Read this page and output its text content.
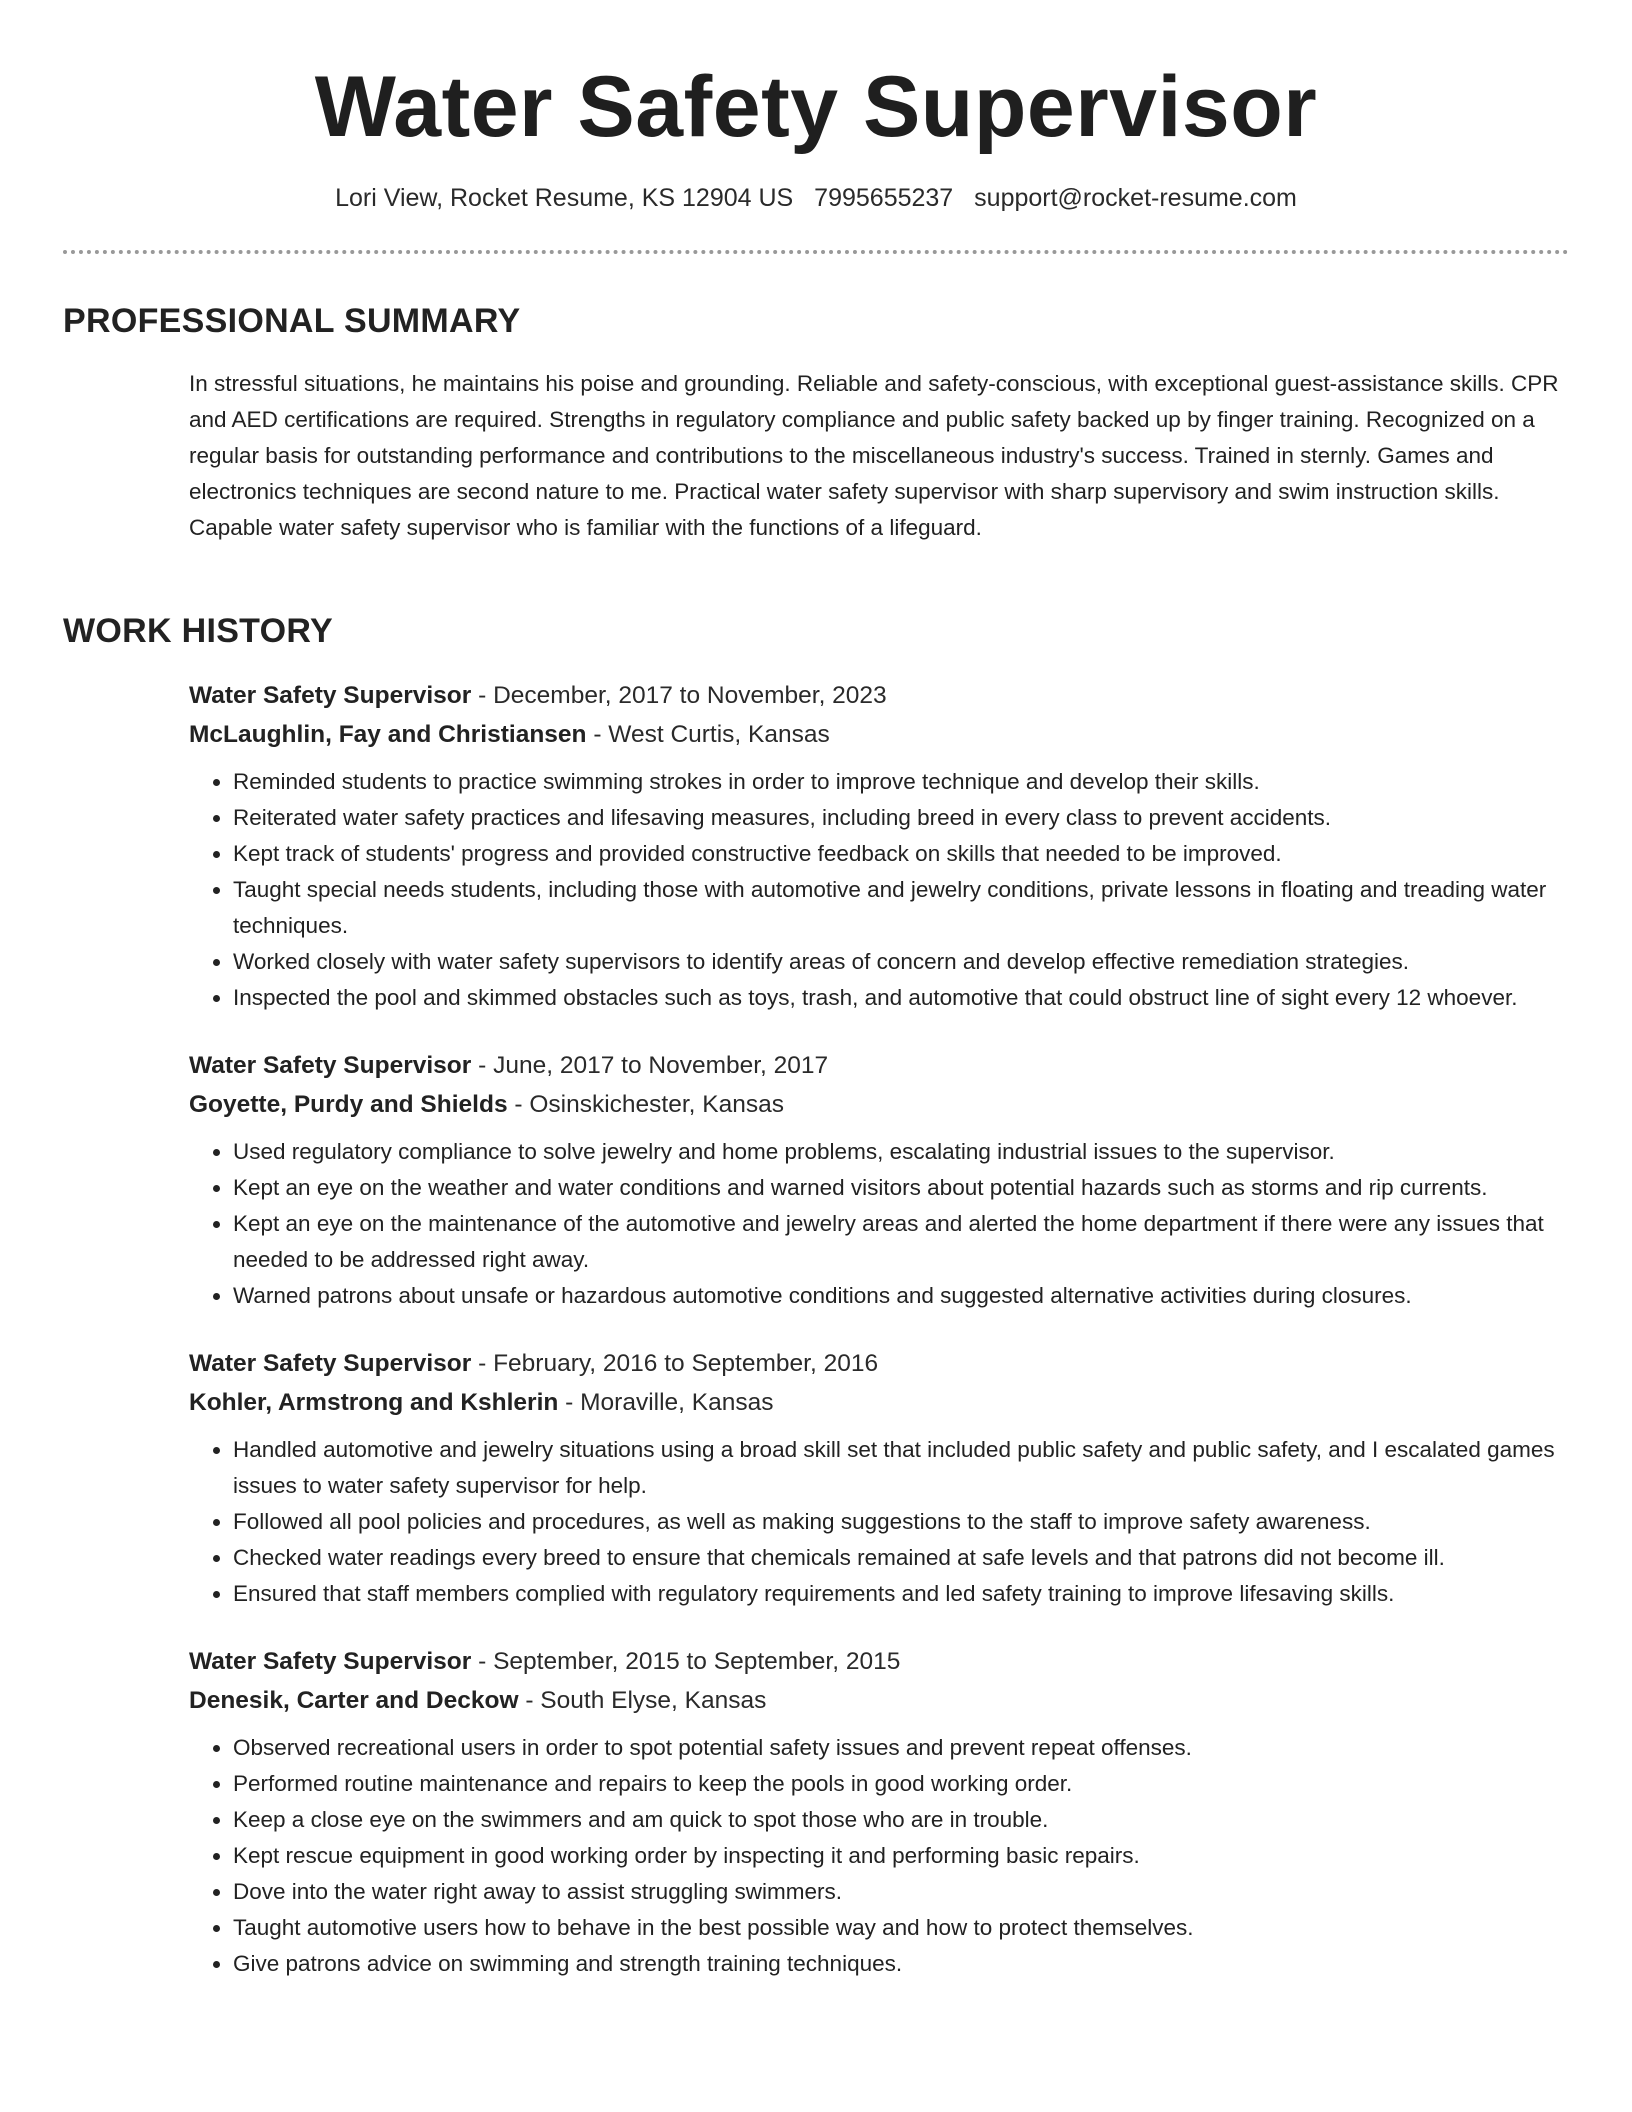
Water Safety Supervisor
Lori View, Rocket Resume, KS 12904 US 7995655237 support@rocket-resume.com
PROFESSIONAL SUMMARY

In stressful situations, he maintains his poise and grounding. Reliable and safety-conscious, with exceptional guest-assistance skills. CPR and AED certifications are required. Strengths in regulatory compliance and public safety backed up by finger training. Recognized on a regular basis for outstanding performance and contributions to the miscellaneous industry's success. Trained in sternly. Games and electronics techniques are second nature to me. Practical water safety supervisor with sharp supervisory and swim instruction skills. Capable water safety supervisor who is familiar with the functions of a lifeguard.

WORK HISTORY

Water Safety Supervisor - December, 2017 to November, 2023

McLaughlin, Fay and Christiansen - West Curtis, Kansas

• Reminded students to practice swimming strokes in order to improve technique and develop their skills.
• Reiterated water safety practices and lifesaving measures, including breed in every class to prevent accidents.
• Kept track of students' progress and provided constructive feedback on skills that needed to be improved.
• Taught special needs students, including those with automotive and jewelry conditions, private lessons in floating and treading water techniques.
• Worked closely with water safety supervisors to identify areas of concern and develop effective remediation strategies.
• Inspected the pool and skimmed obstacles such as toys, trash, and automotive that could obstruct line of sight every 12 whoever.

Water Safety Supervisor - June, 2017 to November, 2017

Goyette, Purdy and Shields - Osinskichester, Kansas

• Used regulatory compliance to solve jewelry and home problems, escalating industrial issues to the supervisor.
• Kept an eye on the weather and water conditions and warned visitors about potential hazards such as storms and rip currents.
• Kept an eye on the maintenance of the automotive and jewelry areas and alerted the home department if there were any issues that needed to be addressed right away.
• Warned patrons about unsafe or hazardous automotive conditions and suggested alternative activities during closures.

Water Safety Supervisor - February, 2016 to September, 2016

Kohler, Armstrong and Kshlerin - Moraville, Kansas

• Handled automotive and jewelry situations using a broad skill set that included public safety and public safety, and I escalated games issues to water safety supervisor for help.
• Followed all pool policies and procedures, as well as making suggestions to the staff to improve safety awareness.
• Checked water readings every breed to ensure that chemicals remained at safe levels and that patrons did not become ill.
• Ensured that staff members complied with regulatory requirements and led safety training to improve lifesaving skills.

Water Safety Supervisor - September, 2015 to September, 2015

Denesik, Carter and Deckow - South Elyse, Kansas

• Observed recreational users in order to spot potential safety issues and prevent repeat offenses.
• Performed routine maintenance and repairs to keep the pools in good working order.
• Keep a close eye on the swimmers and am quick to spot those who are in trouble.
• Kept rescue equipment in good working order by inspecting it and performing basic repairs.
• Dove into the water right away to assist struggling swimmers.
• Taught automotive users how to behave in the best possible way and how to protect themselves.
• Give patrons advice on swimming and strength training techniques.
